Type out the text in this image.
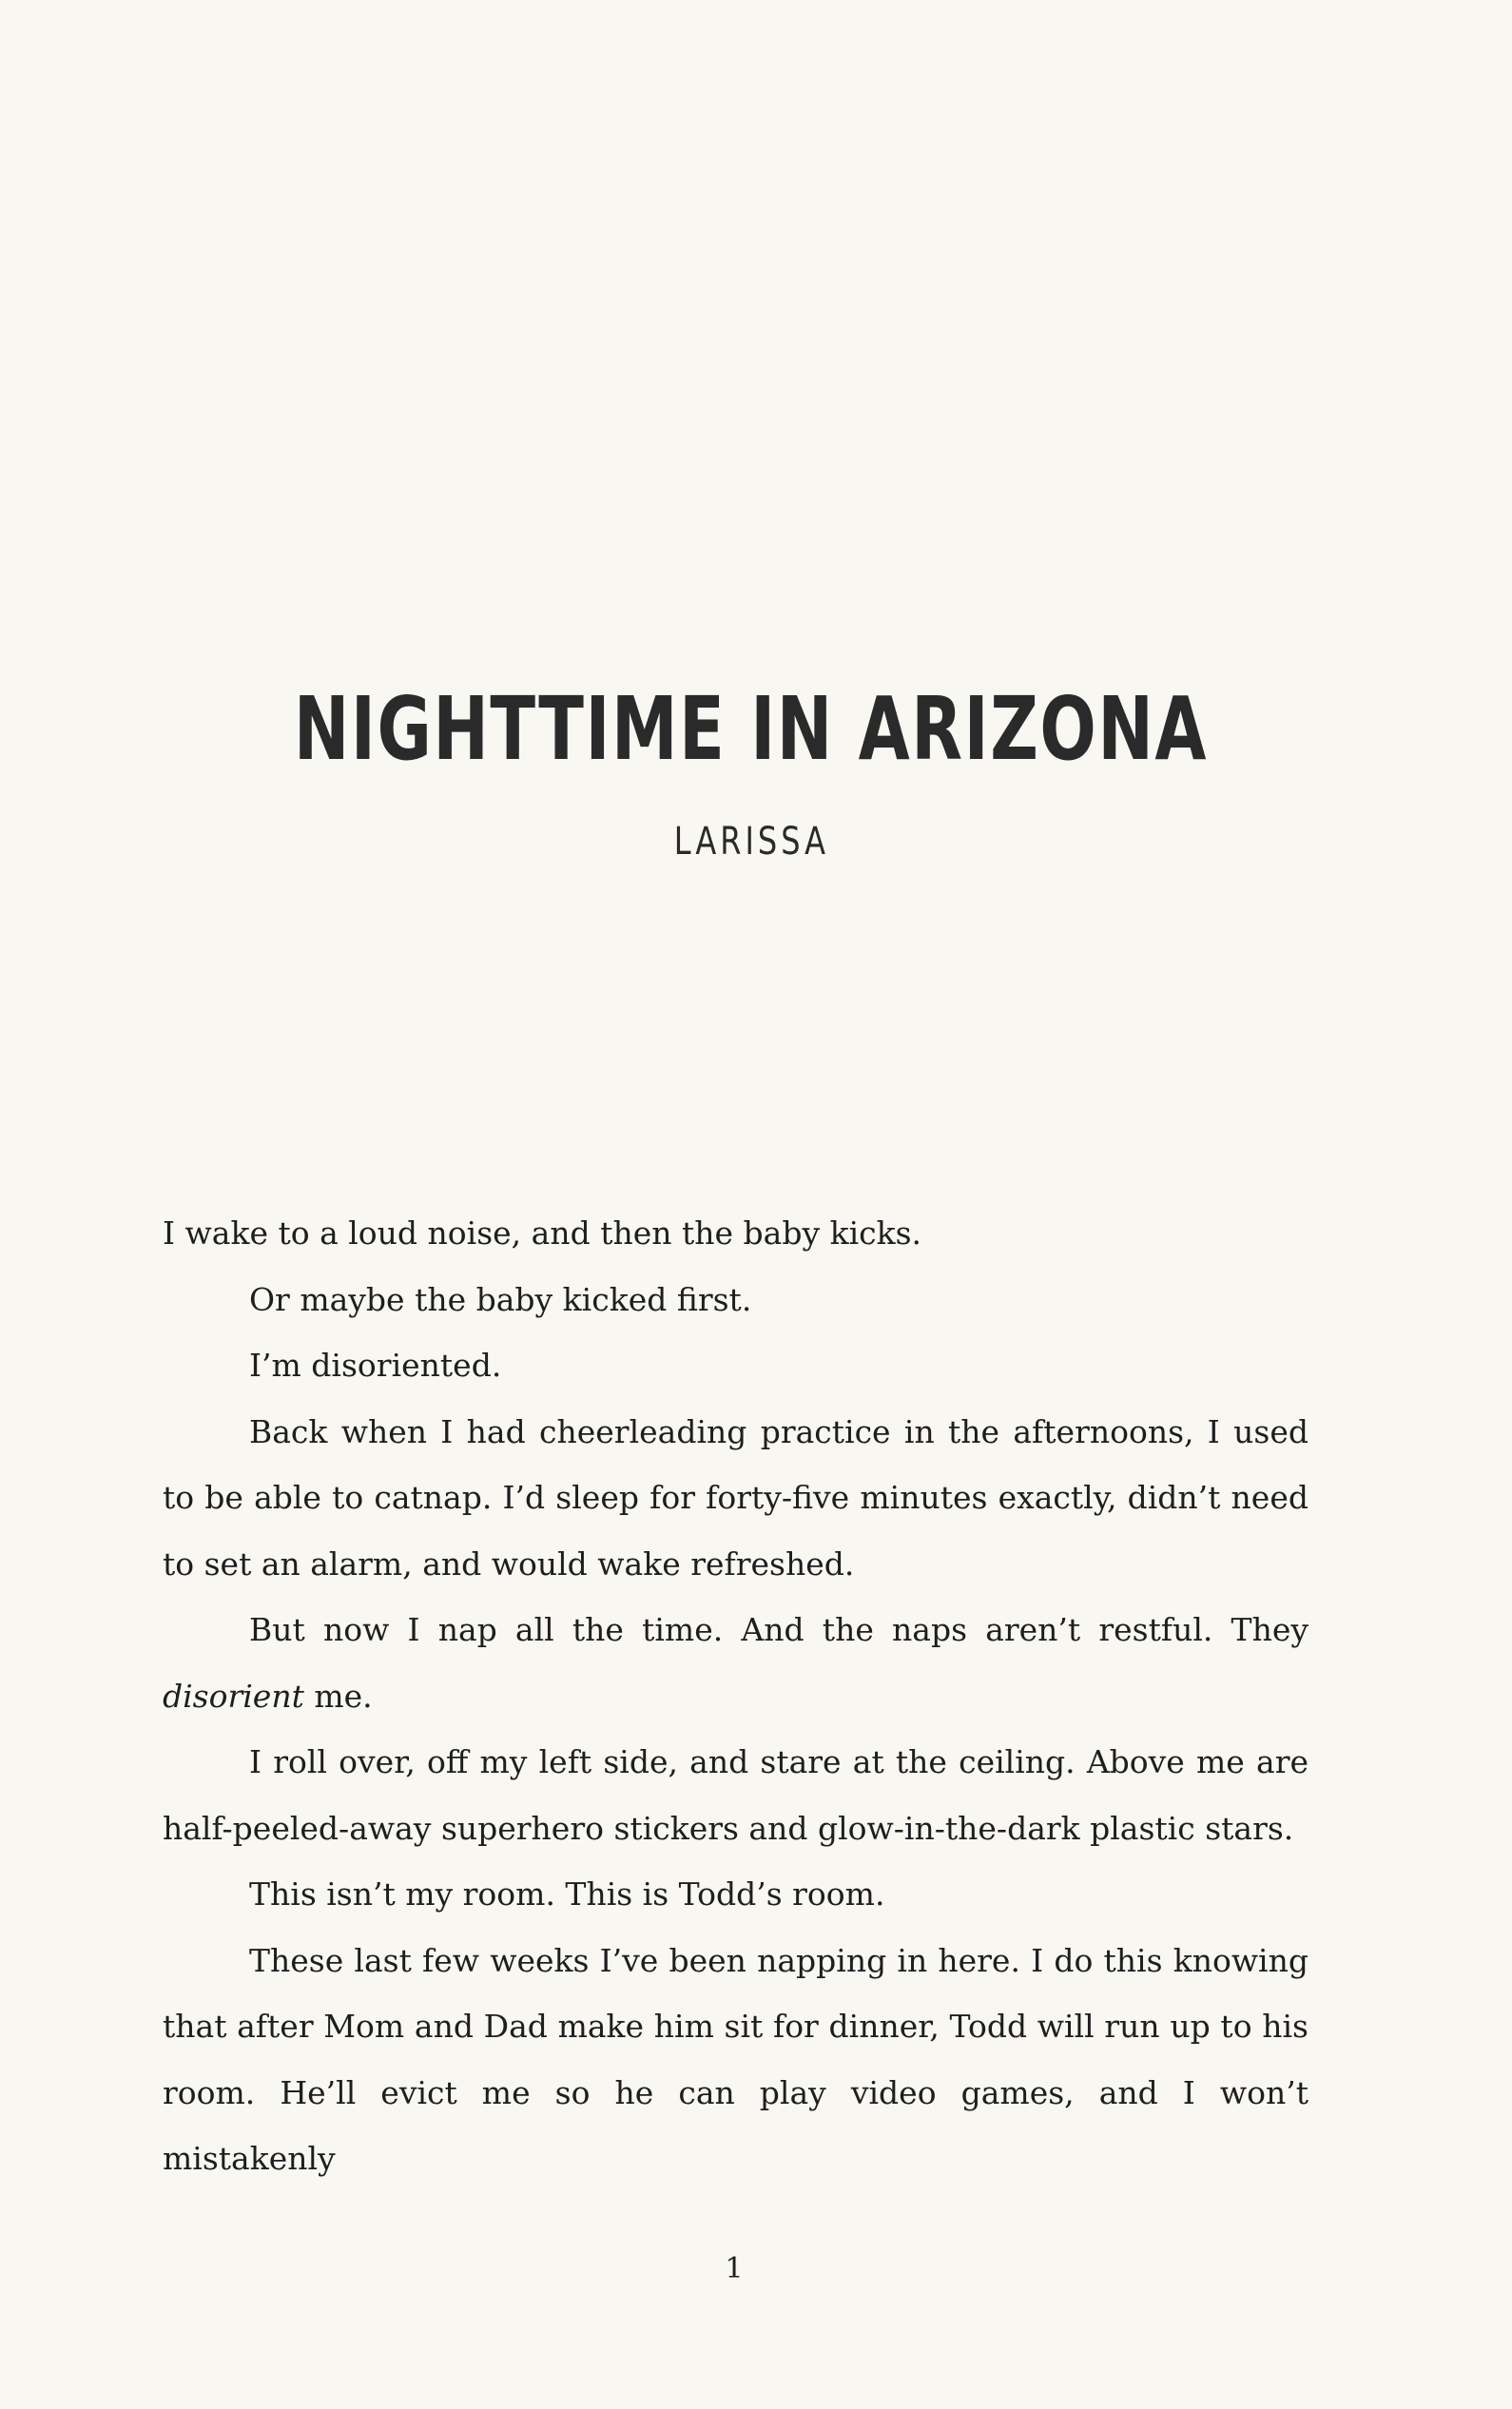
NIGHTTIME IN ARIZONA
LARISSA

I wake to a loud noise, and then the baby kicks.

Or maybe the baby kicked first.

I’m disoriented.

Back when I had cheerleading practice in the afternoons, I used to be able to catnap. I’d sleep for forty-five minutes exactly, didn’t need to set an alarm, and would wake refreshed.

But now I nap all the time. And the naps aren’t restful. They disorient me.

I roll over, off my left side, and stare at the ceiling. Above me are half-peeled-away superhero stickers and glow-in-the-dark plastic stars.

This isn’t my room. This is Todd’s room.

These last few weeks I’ve been napping in here. I do this knowing that after Mom and Dad make him sit for dinner, Todd will run up to his room. He’ll evict me so he can play video games, and I won’t mistakenly

1
